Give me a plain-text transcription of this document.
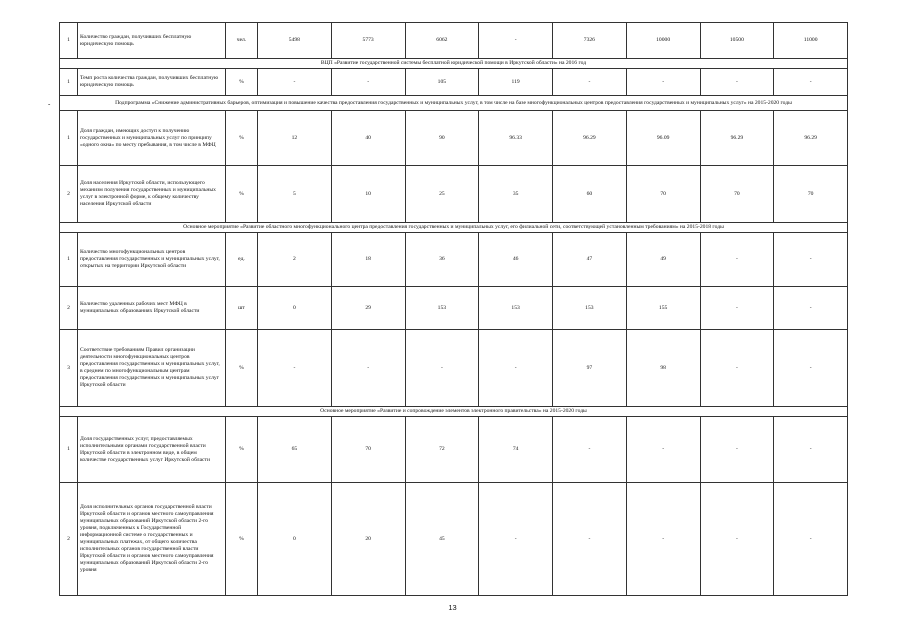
-
1	Количество граждан, получивших бесплатную юридическую помощь	чел.	5498	5773	6062	-	7326	10000	10500	11000
ВЦП «Развитие государственной системы бесплатной юридической помощи в Иркутской области» на 2016 год										
1	Темп роста количества граждан, получивших бесплатную юридическую помощь	%	-	-	105	119	-	-	-	-
Подпрограмма «Снижение административных барьеров, оптимизация и повышение качества предоставления государственных и муниципальных услуг, в том числе на базе многофункциональных центров предоставления государственных и муниципальных услуг» на 2015-2020 годы										
1	Доля граждан, имеющих доступ к получению государственных и муниципальных услуг по принципу «одного окна» по месту пребывания, в том числе в МФЦ	%	12	40	90	96.33	96.29	96.09	96.29	96.29
2	Доля населения Иркутской области, использующего механизм получения государственных и муниципальных услуг в электронной форме, к общему количеству населения Иркутской области	%	5	10	25	35	60	70	70	70
Основное мероприятие «Развитие областного многофункционального центра предоставления государственных и муниципальных услуг, его филиальной сети, соответствующей установленным требованиям» на 2015-2018 годы										
1	Количество многофункциональных центров предоставления государственных и муниципальных услуг, открытых на территории Иркутской области	ед.	2	18	36	46	47	49	-	-
2	Количество удаленных рабочих мест МФЦ в муниципальных образованиях Иркутской области	шт	0	29	153	153	153	155	-	-
3	Соответствие требованиям Правил организации деятельности многофункциональных центров предоставления государственных и муниципальных услуг, в среднем по многофункциональным центрам предоставления государственных и муниципальных услуг Иркутской области	%	-	-	-	-	97	98	-	-
Основное мероприятие «Развитие и сопровождение элементов электронного правительства» на 2015-2020 годы										
1	Доля государственных услуг, предоставляемых исполнительными органами государственной власти Иркутской области в электронном виде, в общем количестве государственных услуг Иркутской области	%	65	70	72	74	-	-	-	-
2	Доля исполнительных органов государственной власти Иркутской области и органов местного самоуправления муниципальных образований Иркутской области 2-го уровня, подключенных к Государственной информационной системе о государственных и муниципальных платежах, от общего количества исполнительных органов государственной власти Иркутской области и органов местного самоуправления муниципальных образований Иркутской области 2-го уровня	%	0	20	45	-	-	-	-	-
13
